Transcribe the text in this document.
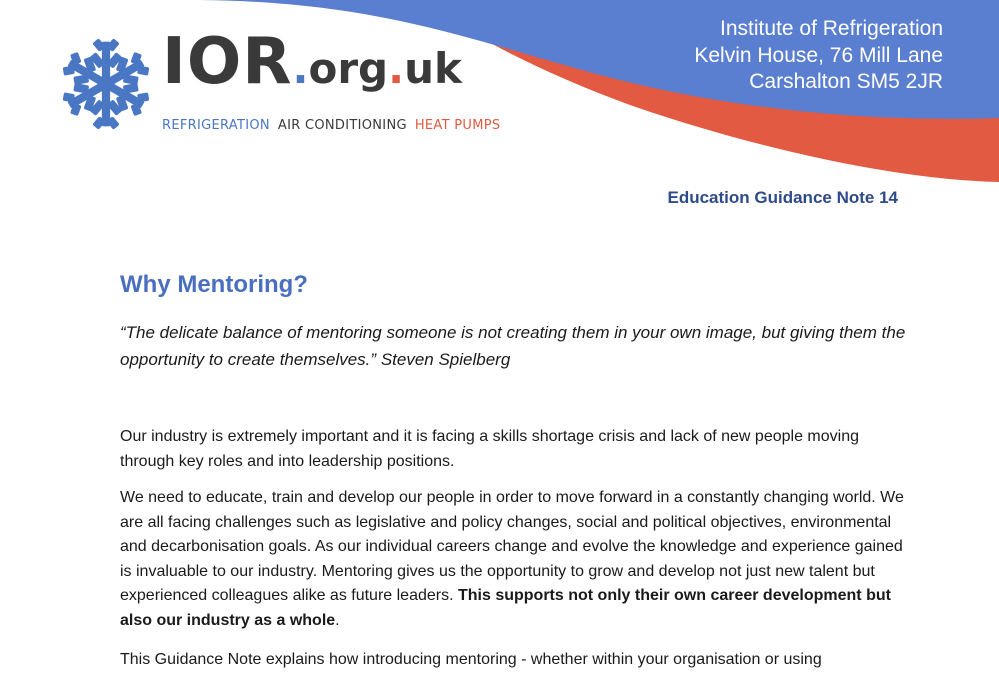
IOR.org.uk
REFRIGERATION AIR CONDITIONING HEAT PUMPS
Institute of Refrigeration
Kelvin House, 76 Mill Lane
Carshalton SM5 2JR
Education Guidance Note 14
Why Mentoring?

“The delicate balance of mentoring someone is not creating them in your own image, but giving them the opportunity to create themselves.” Steven Spielberg

Our industry is extremely important and it is facing a skills shortage crisis and lack of new people moving through key roles and into leadership positions.

We need to educate, train and develop our people in order to move forward in a constantly changing world. We are all facing challenges such as legislative and policy changes, social and political objectives, environmental and decarbonisation goals. As our individual careers change and evolve the knowledge and experience gained is invaluable to our industry. Mentoring gives us the opportunity to grow and develop not just new talent but experienced colleagues alike as future leaders. This supports not only their own career development but also our industry as a whole.

This Guidance Note explains how introducing mentoring - whether within your organisation or using
